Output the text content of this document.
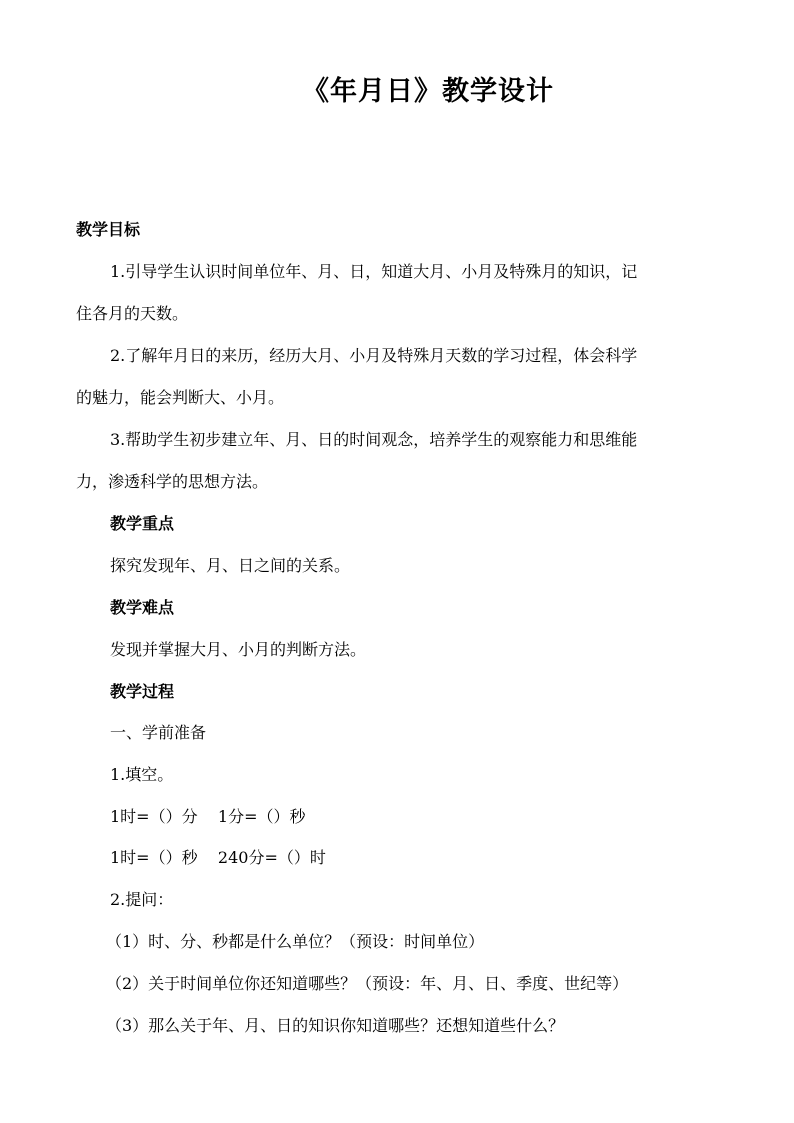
《年月日》教学设计
教学目标
1.引导学生认识时间单位年、月、日，知道大月、小月及特殊月的知识，记
住各月的天数。
2.了解年月日的来历，经历大月、小月及特殊月天数的学习过程，体会科学
的魅力，能会判断大、小月。
3.帮助学生初步建立年、月、日的时间观念，培养学生的观察能力和思维能
力，渗透科学的思想方法。
教学重点
探究发现年、月、日之间的关系。
教学难点
发现并掌握大月、小月的判断方法。
教学过程
一、学前准备
1.填空。
1时=（）分    1分=（）秒
1时=（）秒    240分=（）时
2.提问：
（1）时、分、秒都是什么单位？（预设：时间单位）
（2）关于时间单位你还知道哪些？（预设：年、月、日、季度、世纪等）
（3）那么关于年、月、日的知识你知道哪些？还想知道些什么？
